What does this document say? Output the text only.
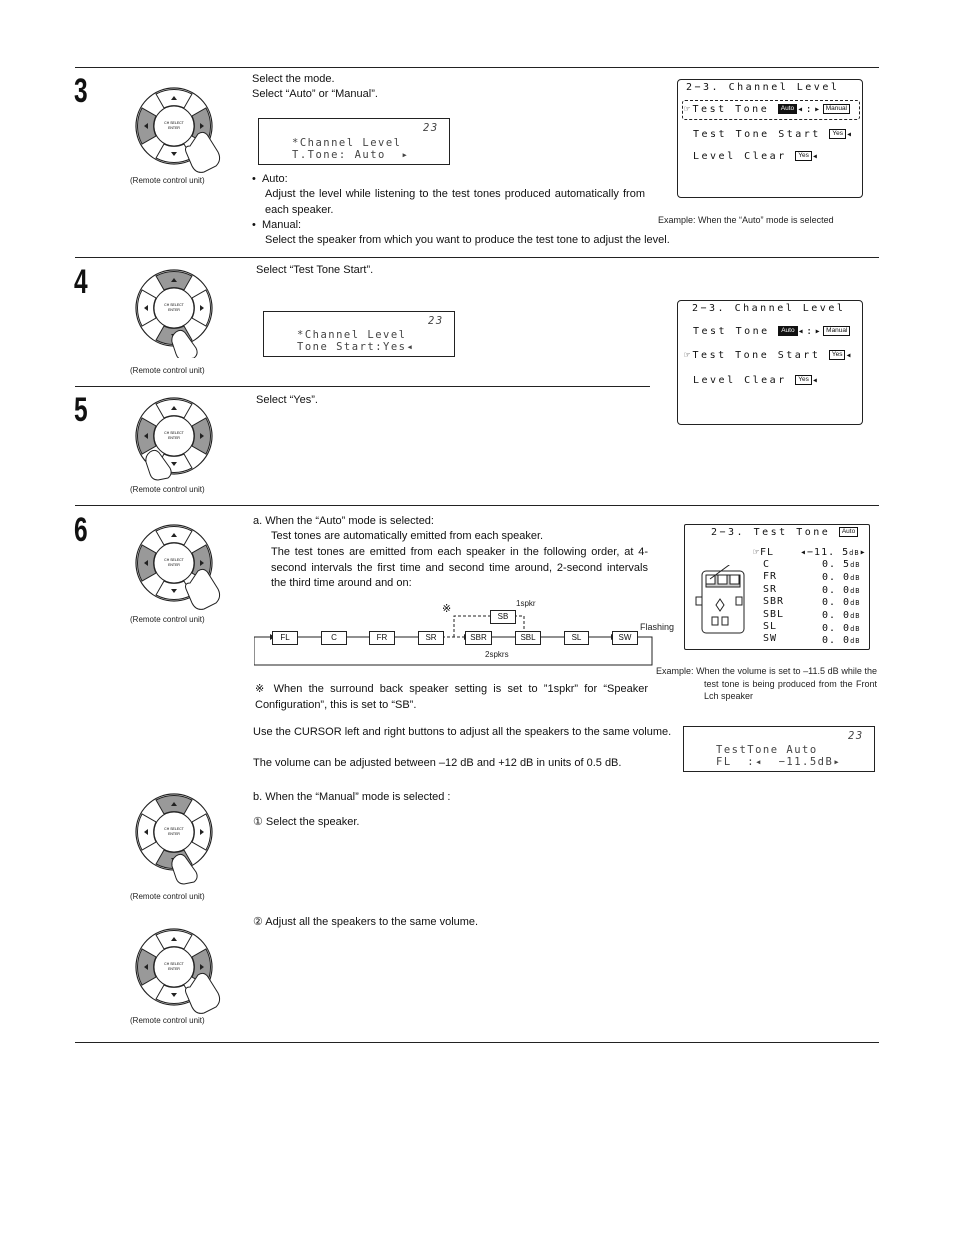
3
4
5
6
CH SELECT
ENTER
(Remote control unit)
CH SELECT
ENTER
(Remote control unit)
CH SELECT
ENTER
(Remote control unit)
CH SELECT
ENTER
(Remote control unit)
CH SELECT
ENTER
(Remote control unit)
CH SELECT
ENTER
(Remote control unit)
Select the mode.
Select “Auto” or “Manual”.
23
*Channel Level
T.Tone: Auto  ▸
•  Auto:
Adjust the level while listening to the test tones produced automatically from each speaker.
•  Manual:
Select the speaker from which you want to produce the test tone to adjust the level.
2−3. Channel Level
☞Test Tone Auto ◂:▸ Manual
Test Tone Start Yes ◂
Level Clear Yes ◂
Example: When the “Auto” mode is selected
Select “Test Tone Start”.
23
*Channel Level
Tone Start:Yes◂
2−3. Channel Level
Test Tone Auto ◂:▸ Manual
☞Test Tone Start Yes ◂
Level Clear Yes ◂
Select “Yes”.
a. When the “Auto” mode is selected:
Test tones are automatically emitted from each speaker.
The test tones are emitted from each speaker in the following order, at 4-second intervals the first time and second time around, 2-second intervals the third time around and on:
FL	C	FR	SR	SBR	SBL	SL	SW
SB
1spkr
2spkrs
※
※ When the surround back speaker setting is set to ”1spkr” for “Speaker Configuration”, this is set to “SB”.
Use the CURSOR left and right buttons to adjust all the speakers to the same volume.
The volume can be adjusted between –12 dB and +12 dB in units of 0.5 dB.
2−3. Test Tone Auto
☞FL	◂−11. 5dB▸
C	0. 5dB
FR	0. 0dB
SR	0. 0dB
SBR	0. 0dB
SBL	0. 0dB
SL	0. 0dB
SW	0. 0dB
Flashing
Example: When the volume is set to –11.5 dB while the test tone is being produced from the Front Lch speaker
23
TestTone Auto
FL  :◂  −11.5dB▸
b. When the “Manual” mode is selected :
① Select the speaker.
② Adjust all the speakers to the same volume.
